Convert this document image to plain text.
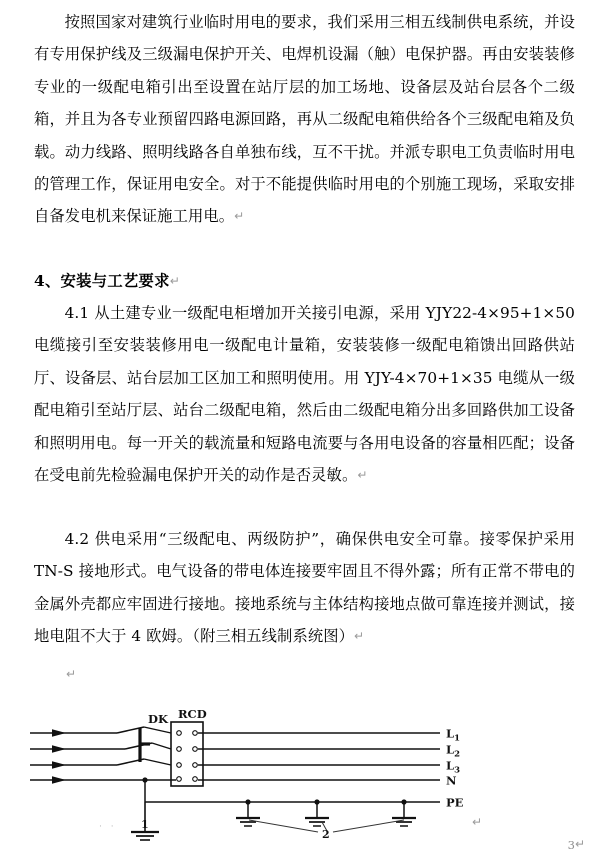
按照国家对建筑行业临时用电的要求，我们采用三相五线制供电系统，并设有专用保护线及三级漏电保护开关、电焊机设漏（触）电保护器。再由安装装修专业的一级配电箱引出至设置在站厅层的加工场地、设备层及站台层各个二级箱，并且为各专业预留四路电源回路，再从二级配电箱供给各个三级配电箱及负载。动力线路、照明线路各自单独布线，互不干扰。并派专职电工负责临时用电的管理工作，保证用电安全。对于不能提供临时用电的个别施工现场，采取安排自备发电机来保证施工用电。↵
4、安装与工艺要求↵
4.1 从土建专业一级配电柜增加开关接引电源，采用 YJY22-4×95+1×50 电缆接引至安装装修用电一级配电计量箱，安装装修一级配电箱馈出回路供站厅、设备层、站台层加工区加工和照明使用。用 YJY-4×70+1×35 电缆从一级配电箱引至站厅层、站台二级配电箱，然后由二级配电箱分出多回路供加工设备和照明用电。每一开关的载流量和短路电流要与各用电设备的容量相匹配；设备在受电前先检验漏电保护开关的动作是否灵敏。↵
4.2 供电采用“三级配电、两级防护”，确保供电安全可靠。接零保护采用 TN-S 接地形式。电气设备的带电体连接要牢固且不得外露；所有正常不带电的金属外壳都应牢固进行接地。接地系统与主体结构接地点做可靠连接并测试，接地电阻不大于 4 欧姆。（附三相五线制系统图）↵
↵
DK RCD
$L_1$
$L_2$
$L_3$
N
PE
1
2
· ·	↵
3↵
